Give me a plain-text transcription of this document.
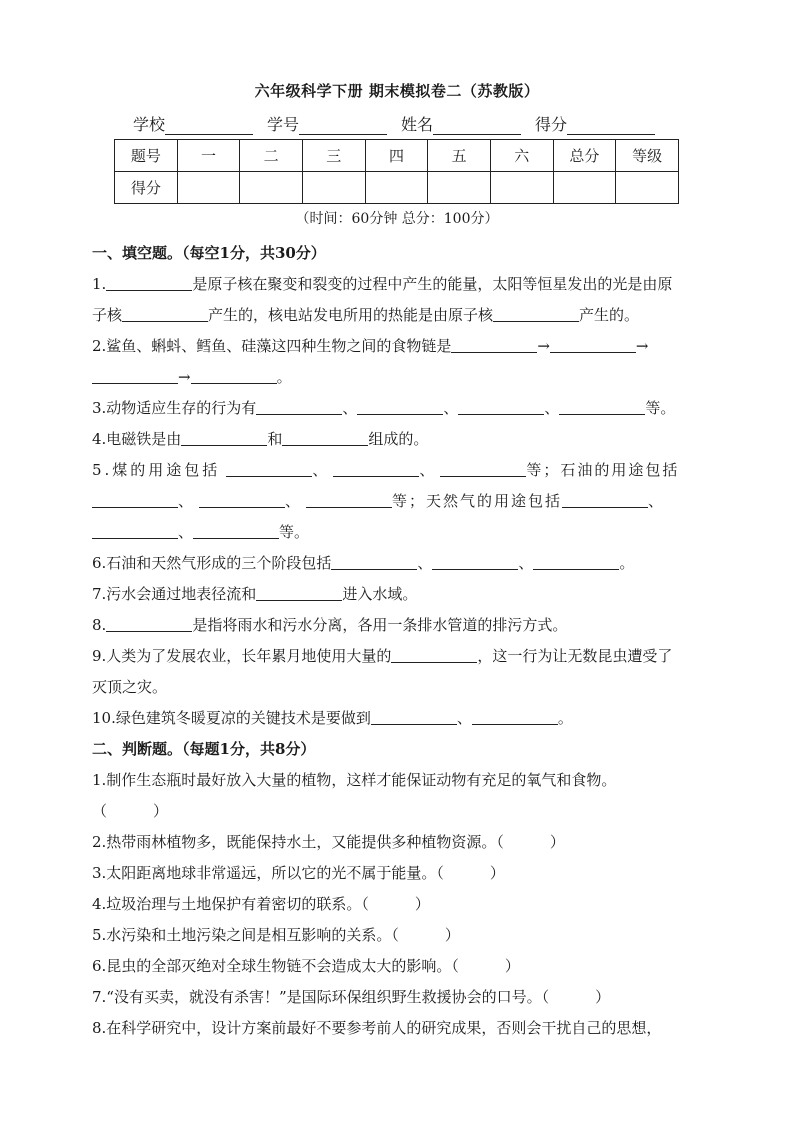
六年级科学下册 期末模拟卷二（苏教版）
学校	学号	姓名	得分
题号	一	二	三	四	五	六	总分	等级
得分								
（时间：60分钟 总分：100分）
一、填空题。（每空1分，共30分）
1.	是原子核在聚变和裂变的过程中产生的能量，太阳等恒星发出的光是由原
子核	产生的，核电站发电所用的热能是由原子核	产生的。
2.鲨鱼、蝌蚪、鳕鱼、硅藻这四种生物之间的食物链是	→	→
→	。
3.动物适应生存的行为有	、	、	、	等。
4.电磁铁是由	和	组成的。
5.煤的用途包括	、	、	等；石油的用途包括
、	、	等；天然气的用途包括	、
、	等。
6.石油和天然气形成的三个阶段包括	、	、	。
7.污水会通过地表径流和	进入水域。
8.	是指将雨水和污水分离，各用一条排水管道的排污方式。
9.人类为了发展农业，长年累月地使用大量的	，这一行为让无数昆虫遭受了
灭顶之灾。
10.绿色建筑冬暖夏凉的关键技术是要做到	、	。
二、判断题。（每题1分，共8分）
1.制作生态瓶时最好放入大量的植物，这样才能保证动物有充足的氧气和食物。
（	）
2.热带雨林植物多，既能保持水土，又能提供多种植物资源。（	）
3.太阳距离地球非常遥远，所以它的光不属于能量。（	）
4.垃圾治理与土地保护有着密切的联系。（	）
5.水污染和土地污染之间是相互影响的关系。（	）
6.昆虫的全部灭绝对全球生物链不会造成太大的影响。（	）
7.“没有买卖，就没有杀害！”是国际环保组织野生救援协会的口号。（	）
8.在科学研究中，设计方案前最好不要参考前人的研究成果，否则会干扰自己的思想，
